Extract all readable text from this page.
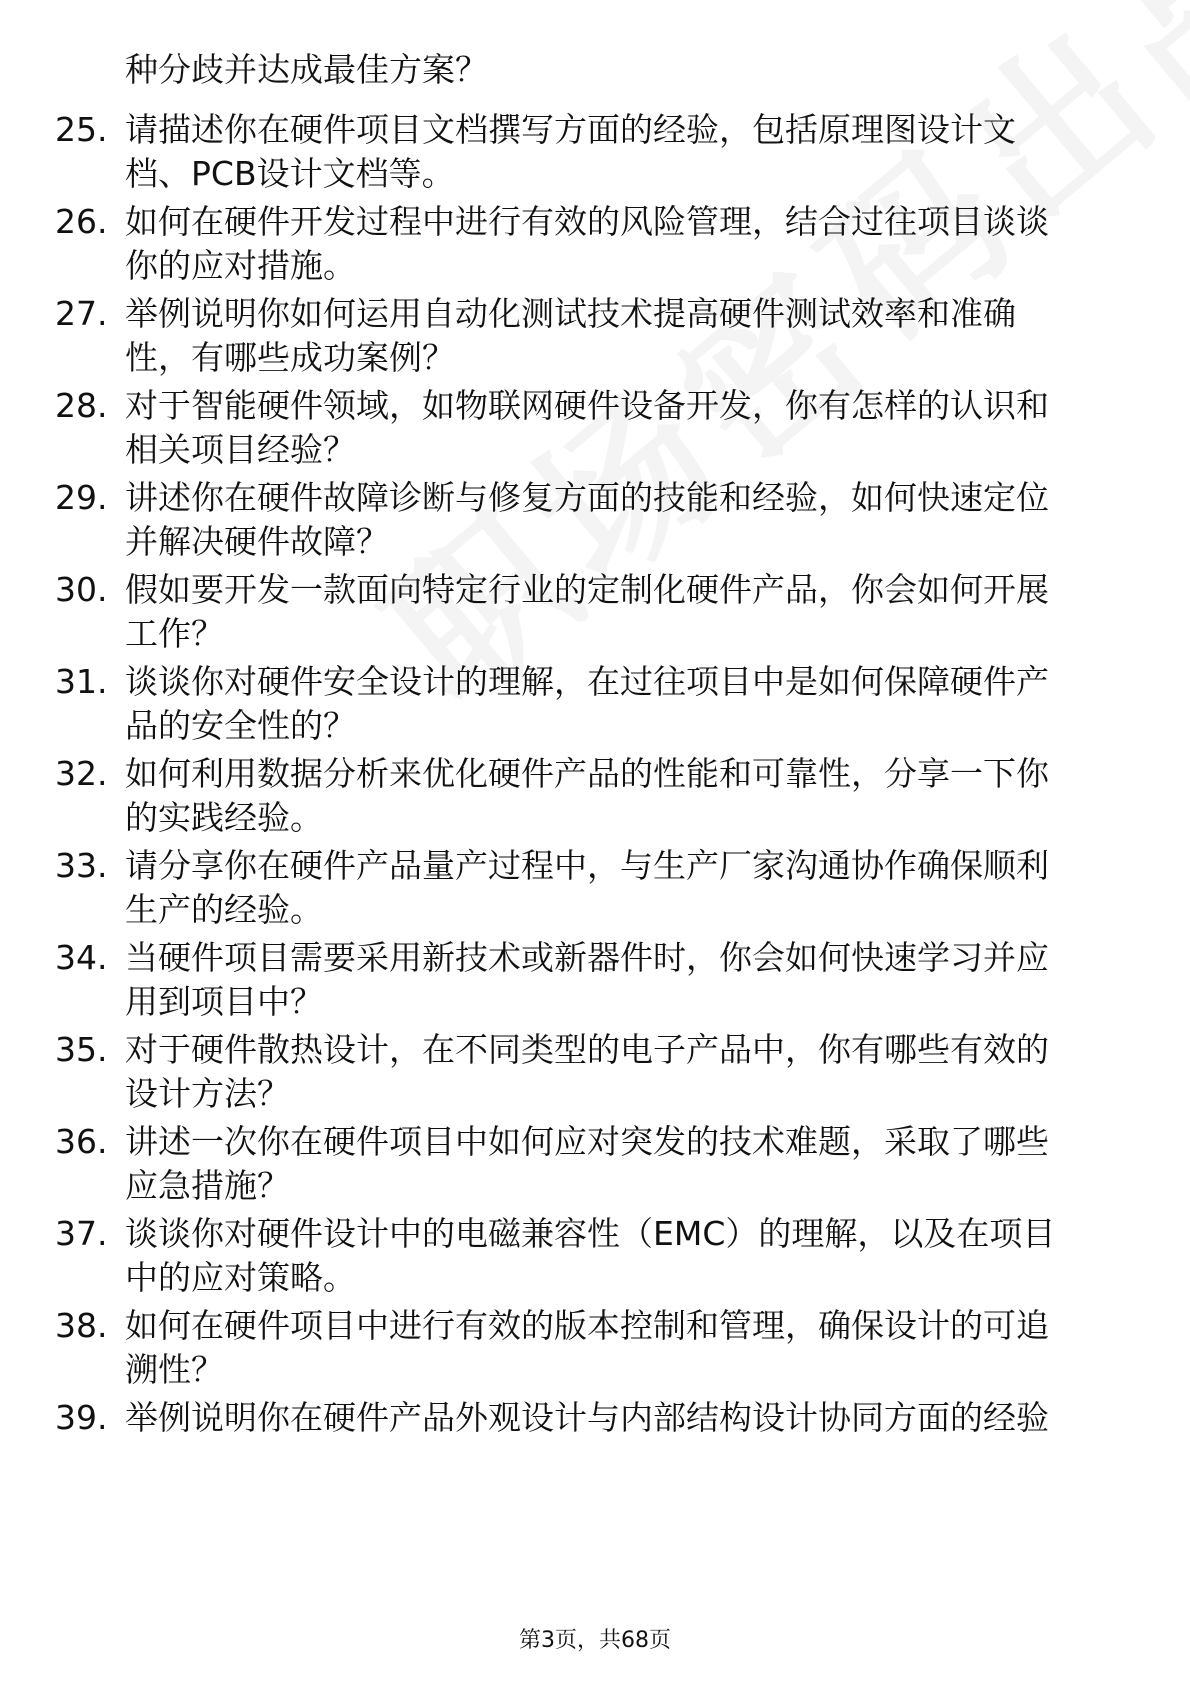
种分歧并达成最佳方案？
25. 请描述你在硬件项目文档撰写方面的经验，包括原理图设计文
档、PCB设计文档等。
26. 如何在硬件开发过程中进行有效的风险管理，结合过往项目谈谈
你的应对措施。
27. 举例说明你如何运用自动化测试技术提高硬件测试效率和准确
性，有哪些成功案例？
28. 对于智能硬件领域，如物联网硬件设备开发，你有怎样的认识和
相关项目经验？
29. 讲述你在硬件故障诊断与修复方面的技能和经验，如何快速定位
并解决硬件故障？
30. 假如要开发一款面向特定行业的定制化硬件产品，你会如何开展
工作？
31. 谈谈你对硬件安全设计的理解，在过往项目中是如何保障硬件产
品的安全性的？
32. 如何利用数据分析来优化硬件产品的性能和可靠性，分享一下你
的实践经验。
33. 请分享你在硬件产品量产过程中，与生产厂家沟通协作确保顺利
生产的经验。
34. 当硬件项目需要采用新技术或新器件时，你会如何快速学习并应
用到项目中？
35. 对于硬件散热设计，在不同类型的电子产品中，你有哪些有效的
设计方法？
36. 讲述一次你在硬件项目中如何应对突发的技术难题，采取了哪些
应急措施？
37. 谈谈你对硬件设计中的电磁兼容性（EMC）的理解，以及在项目
中的应对策略。
38. 如何在硬件项目中进行有效的版本控制和管理，确保设计的可追
溯性？
39. 举例说明你在硬件产品外观设计与内部结构设计协同方面的经验
第3页，共68页
